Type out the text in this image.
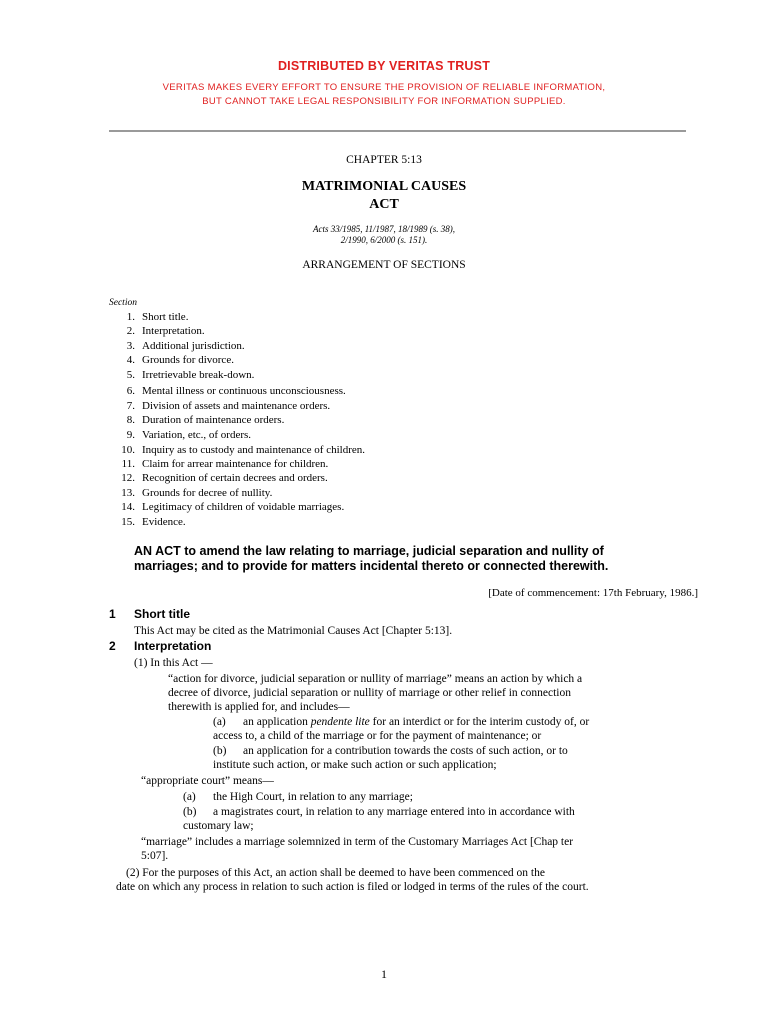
DISTRIBUTED BY VERITAS TRUST
VERITAS MAKES EVERY EFFORT TO ENSURE THE PROVISION OF RELIABLE INFORMATION,
BUT CANNOT TAKE LEGAL RESPONSIBILITY FOR INFORMATION SUPPLIED.
CHAPTER 5:13
MATRIMONIAL CAUSES
ACT
Acts 33/1985, 11/1987, 18/1989 (s. 38),
2/1990, 6/2000 (s. 151).
ARRANGEMENT OF SECTIONS
Section
1. Short title.
2. Interpretation.
3. Additional jurisdiction.
4. Grounds for divorce.
5. Irretrievable break-down.
6. Mental illness or continuous unconsciousness.
7. Division of assets and maintenance orders.
8. Duration of maintenance orders.
9. Variation, etc., of orders.
10. Inquiry as to custody and maintenance of children.
11. Claim for arrear maintenance for children.
12. Recognition of certain decrees and orders.
13. Grounds for decree of nullity.
14. Legitimacy of children of voidable marriages.
15. Evidence.
AN ACT to amend the law relating to marriage, judicial separation and nullity of
marriages; and to provide for matters incidental thereto or connected therewith.
[Date of commencement: 17th February, 1986.]
1 Short title
This Act may be cited as the Matrimonial Causes Act [Chapter 5:13].
2 Interpretation
(1) In this Act —
“action for divorce, judicial separation or nullity of marriage” means an action by which a
decree of divorce, judicial separation or nullity of marriage or other relief in connection
therewith is applied for, and includes—
(a) an application pendente lite for an interdict or for the interim custody of, or
access to, a child of the marriage or for the payment of maintenance; or
(b) an application for a contribution towards the costs of such action, or to
institute such action, or make such action or such application;
“appropriate court” means—
(a) the High Court, in relation to any marriage;
(b) a magistrates court, in relation to any marriage entered into in accordance with
customary law;
“marriage” includes a marriage solemnized in term of the Customary Marriages Act [Chap ter
5:07].
(2) For the purposes of this Act, an action shall be deemed to have been commenced on the
date on which any process in relation to such action is filed or lodged in terms of the rules of the court.
1
